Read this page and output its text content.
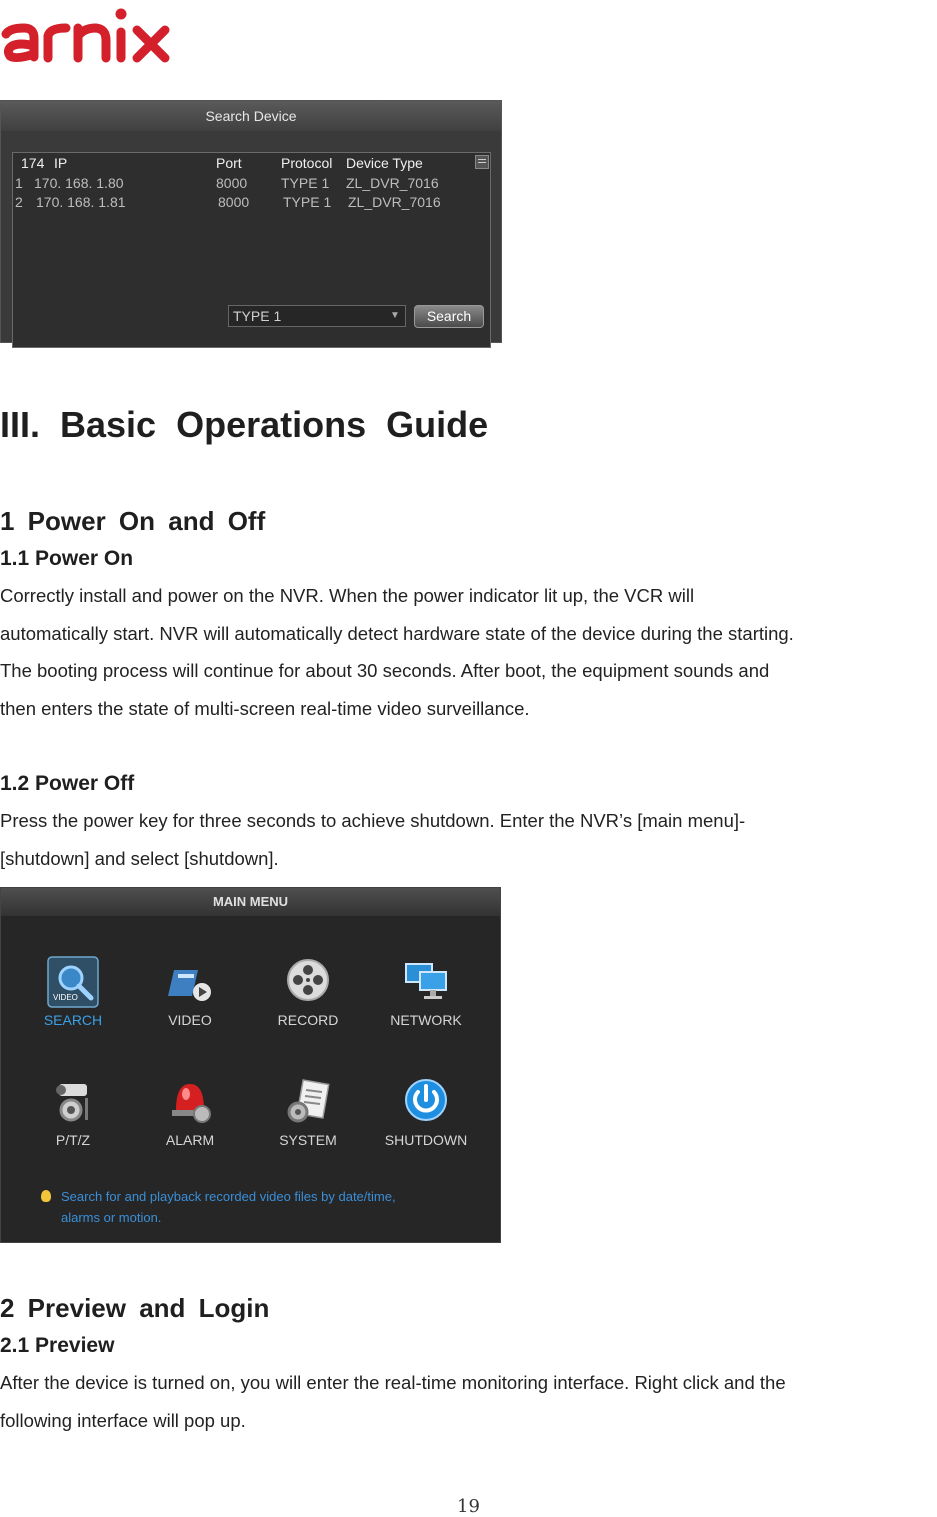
Search Device
174 IP	Port	Protocol Device Type
1 170. 168. 1.80	8000 TYPE 1 ZL_DVR_7016
2 170. 168. 1.81	8000 TYPE 1 ZL_DVR_7016
TYPE 1	▼	Search
III. Basic Operations Guide
1 Power On and Off
1.1 Power On
Correctly install and power on the NVR. When the power indicator lit up, the VCR will
automatically start. NVR will automatically detect hardware state of the device during the starting.
The booting process will continue for about 30 seconds. After boot, the equipment sounds and
then enters the state of multi-screen real-time video surveillance.
1.2 Power Off
Press the power key for three seconds to achieve shutdown. Enter the NVR’s [main menu]-
[shutdown] and select [shutdown].
MAIN MENU
VIDEO
SEARCH	VIDEO	RECORD	NETWORK
P/T/Z	ALARM	SYSTEM	SHUTDOWN
Search for and playback recorded video files by date/time,
alarms or motion.
2 Preview and Login
2.1 Preview
After the device is turned on, you will enter the real-time monitoring interface. Right click and the
following interface will pop up.
19
